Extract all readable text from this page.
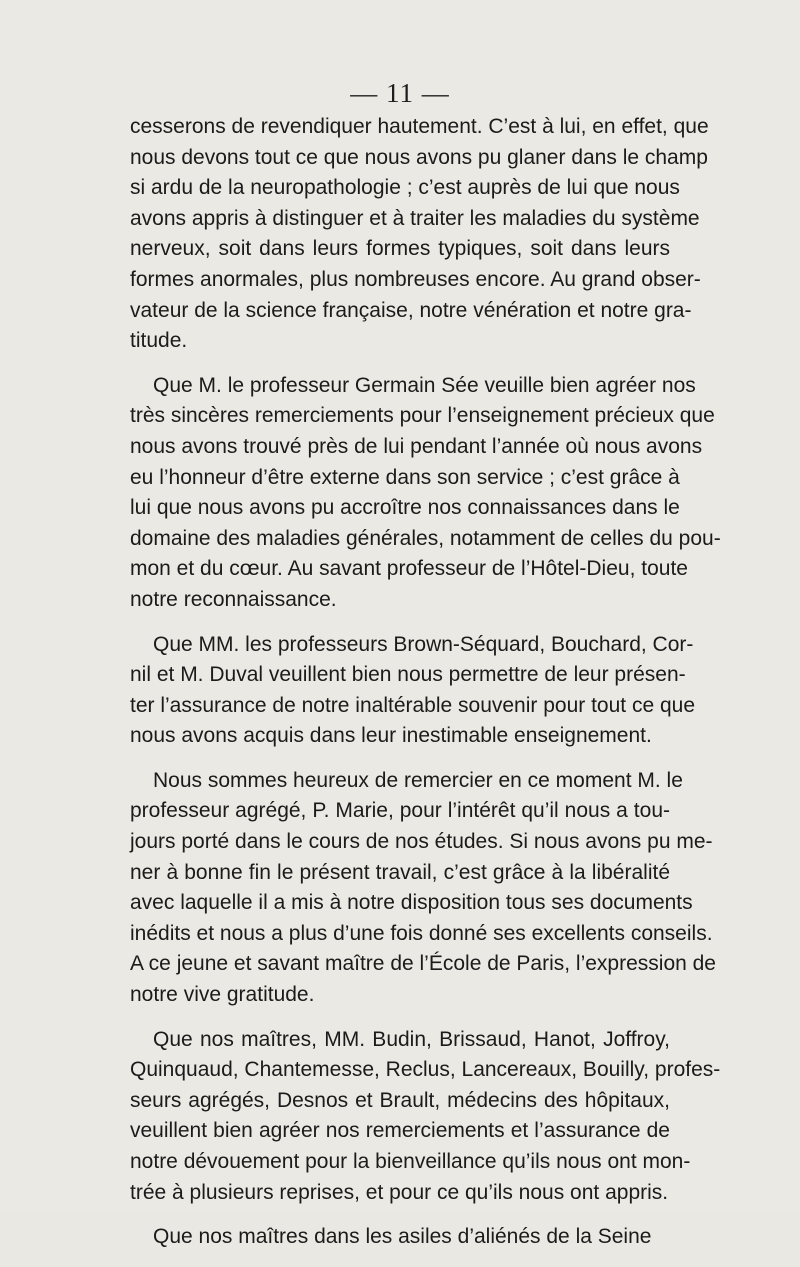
— 11 —
cesserons de revendiquer hautement. C’est à lui, en effet, que
nous devons tout ce que nous avons pu glaner dans le champ
si ardu de la neuropathologie ; c’est auprès de lui que nous
avons appris à distinguer et à traiter les maladies du système
nerveux, soit dans leurs formes typiques, soit dans leurs
formes anormales, plus nombreuses encore. Au grand obser-
vateur de la science française, notre vénération et notre gra-
titude.
Que M. le professeur Germain Sée veuille bien agréer nos
très sincères remerciements pour l’enseignement précieux que
nous avons trouvé près de lui pendant l’année où nous avons
eu l’honneur d’être externe dans son service ; c’est grâce à
lui que nous avons pu accroître nos connaissances dans le
domaine des maladies générales, notamment de celles du pou-
mon et du cœur. Au savant professeur de l’Hôtel-Dieu, toute
notre reconnaissance.
Que MM. les professeurs Brown-Séquard, Bouchard, Cor-
nil et M. Duval veuillent bien nous permettre de leur présen-
ter l’assurance de notre inaltérable souvenir pour tout ce que
nous avons acquis dans leur inestimable enseignement.
Nous sommes heureux de remercier en ce moment M. le
professeur agrégé, P. Marie, pour l’intérêt qu’il nous a tou-
jours porté dans le cours de nos études. Si nous avons pu me-
ner à bonne fin le présent travail, c’est grâce à la libéralité
avec laquelle il a mis à notre disposition tous ses documents
inédits et nous a plus d’une fois donné ses excellents conseils.
A ce jeune et savant maître de l’École de Paris, l’expression de
notre vive gratitude.
Que nos maîtres, MM. Budin, Brissaud, Hanot, Joffroy,
Quinquaud, Chantemesse, Reclus, Lancereaux, Bouilly, profes-
seurs agrégés, Desnos et Brault, médecins des hôpitaux,
veuillent bien agréer nos remerciements et l’assurance de
notre dévouement pour la bienveillance qu’ils nous ont mon-
trée à plusieurs reprises, et pour ce qu’ils nous ont appris.
Que nos maîtres dans les asiles d’aliénés de la Seine
